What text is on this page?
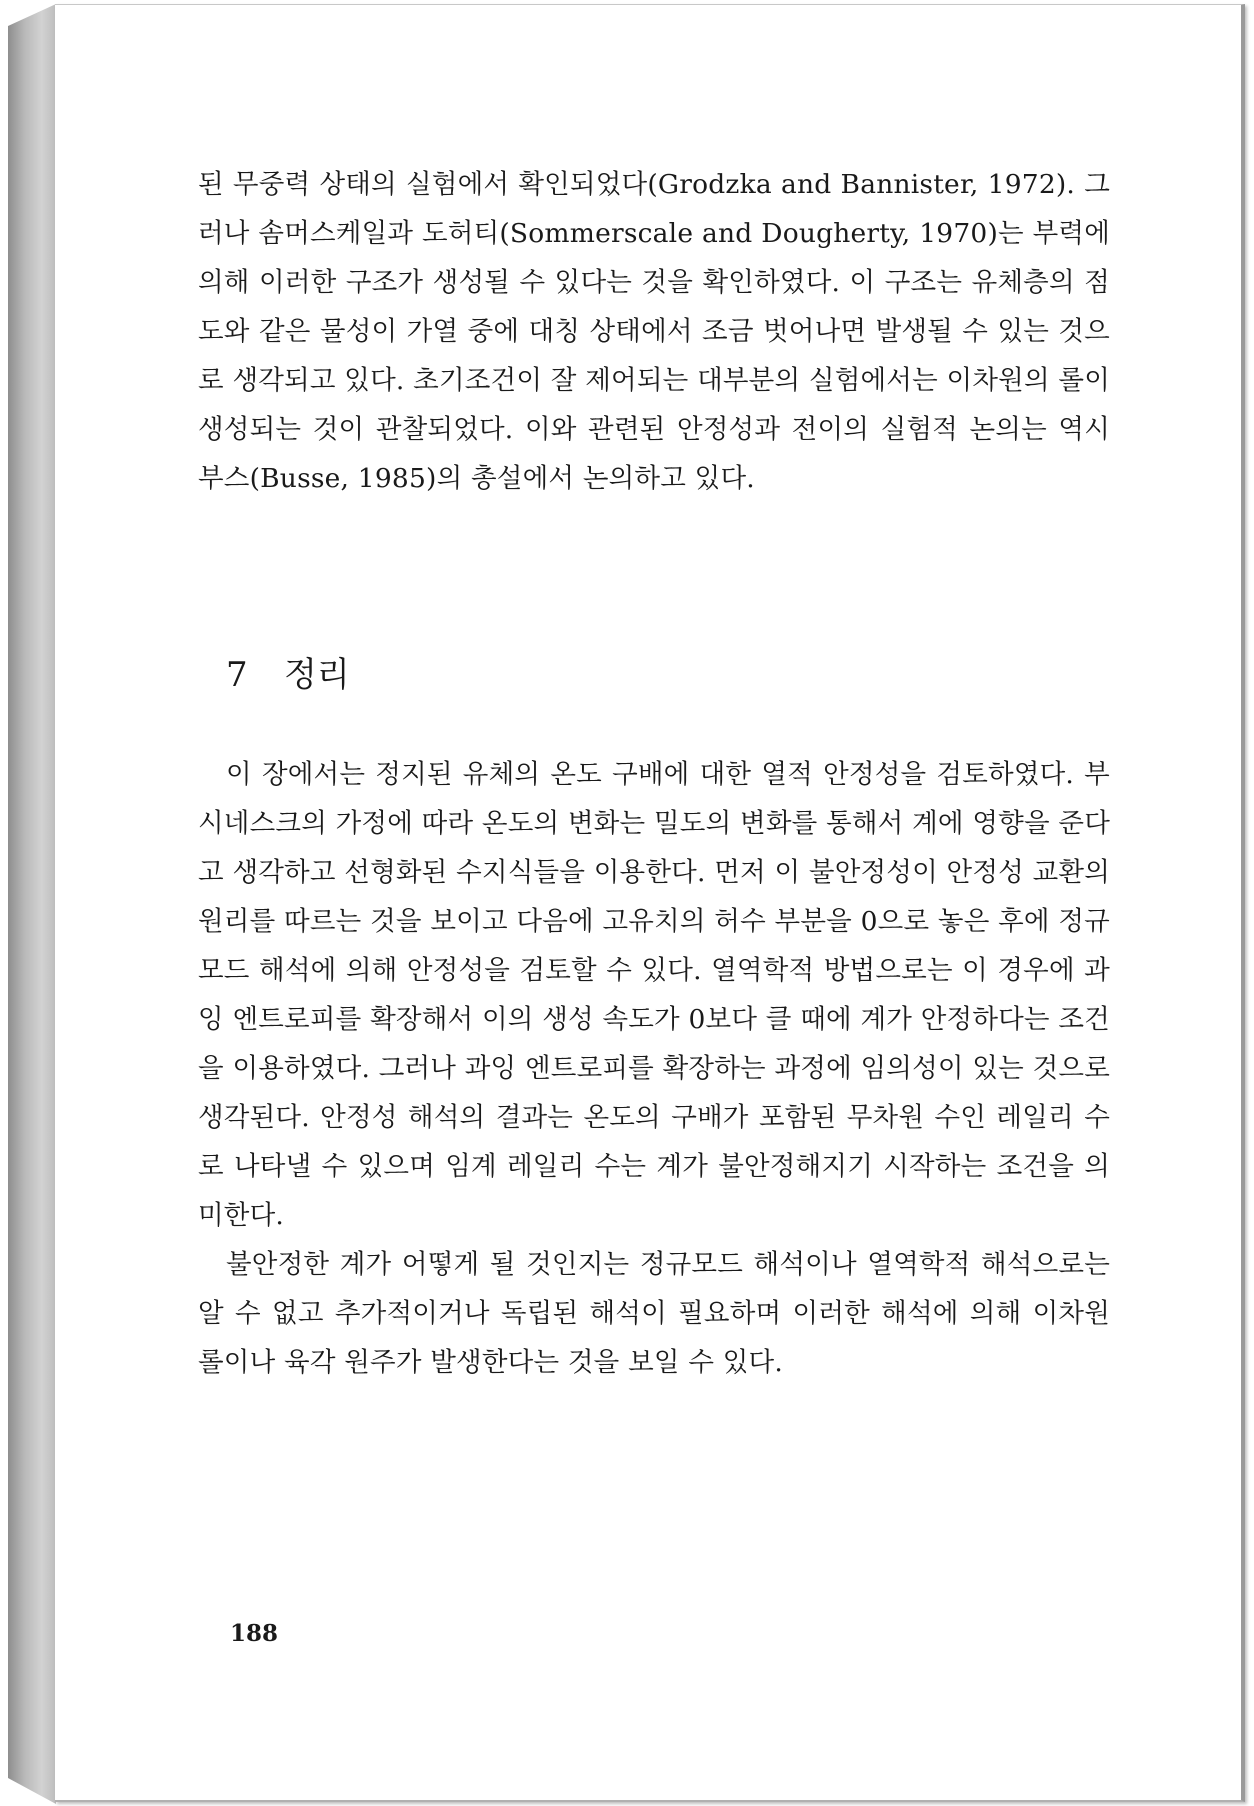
된 무중력 상태의 실험에서 확인되었다(Grodzka and Bannister, 1972). 그러나 솜머스케일과 도허티(Sommerscale and Dougherty, 1970)는 부력에 의해 이러한 구조가 생성될 수 있다는 것을 확인하였다. 이 구조는 유체층의 점도와 같은 물성이 가열 중에 대칭 상태에서 조금 벗어나면 발생될 수 있는 것으로 생각되고 있다. 초기조건이 잘 제어되는 대부분의 실험에서는 이차원의 롤이 생성되는 것이 관찰되었다. 이와 관련된 안정성과 전이의 실험적 논의는 역시 부스(Busse, 1985)의 총설에서 논의하고 있다.

7 정리

이 장에서는 정지된 유체의 온도 구배에 대한 열적 안정성을 검토하였다. 부시네스크의 가정에 따라 온도의 변화는 밀도의 변화를 통해서 계에 영향을 준다고 생각하고 선형화된 수지식들을 이용한다. 먼저 이 불안정성이 안정성 교환의 원리를 따르는 것을 보이고 다음에 고유치의 허수 부분을 0으로 놓은 후에 정규 모드 해석에 의해 안정성을 검토할 수 있다. 열역학적 방법으로는 이 경우에 과잉 엔트로피를 확장해서 이의 생성 속도가 0보다 클 때에 계가 안정하다는 조건을 이용하였다. 그러나 과잉 엔트로피를 확장하는 과정에 임의성이 있는 것으로 생각된다. 안정성 해석의 결과는 온도의 구배가 포함된 무차원 수인 레일리 수로 나타낼 수 있으며 임계 레일리 수는 계가 불안정해지기 시작하는 조건을 의미한다.

불안정한 계가 어떻게 될 것인지는 정규모드 해석이나 열역학적 해석으로는 알 수 없고 추가적이거나 독립된 해석이 필요하며 이러한 해석에 의해 이차원 롤이나 육각 원주가 발생한다는 것을 보일 수 있다.

188
